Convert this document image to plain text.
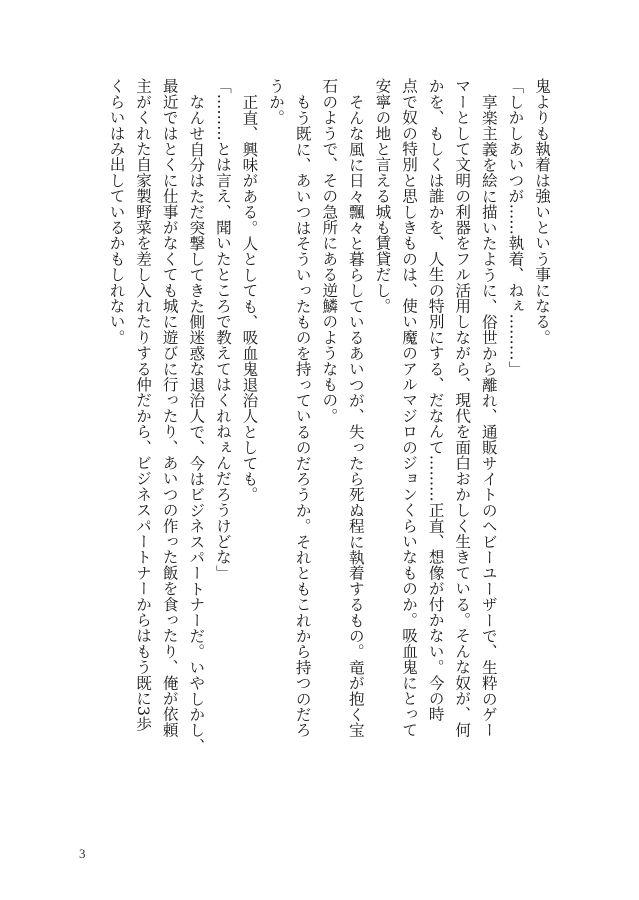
鬼よりも執着は強いという事になる。

「しかしあいつが……執着、ねぇ………」

享楽主義を絵に描いたように、俗世から離れ、通販サイトのヘビーユーザーで、生粋のゲー

マーとして文明の利器をフル活用しながら、現代を面白おかしく生きている。そんな奴が、何

かを、もしくは誰かを、人生の特別にする、だなんて………正直、想像が付かない。今の時

点で奴の特別と思しきものは、使い魔のアルマジロのジョンくらいなものか。吸血鬼にとって

安寧の地と言える城も賃貸だし。

そんな風に日々飄々と暮らしているあいつが、失ったら死ぬ程に執着するもの。竜が抱く宝

石のようで、その急所にある逆鱗のようなもの。

もう既に、あいつはそういったものを持っているのだろうか。それともこれから持つのだろ

うか。

正直、興味がある。人としても、吸血鬼退治人としても。

「………とは言え、聞いたところで教えてはくれねぇんだろうけどな」

なんせ自分はただ突撃してきた側迷惑な退治人で、今はビジネスパートナーだ。いやしかし、

最近ではとくに仕事がなくても城に遊びに行ったり、あいつの作った飯を食ったり、俺が依頼

主がくれた自家製野菜を差し入れたりする仲だから、ビジネスパートナーからはもう既に3歩

くらいはみ出しているかもしれない。

3
